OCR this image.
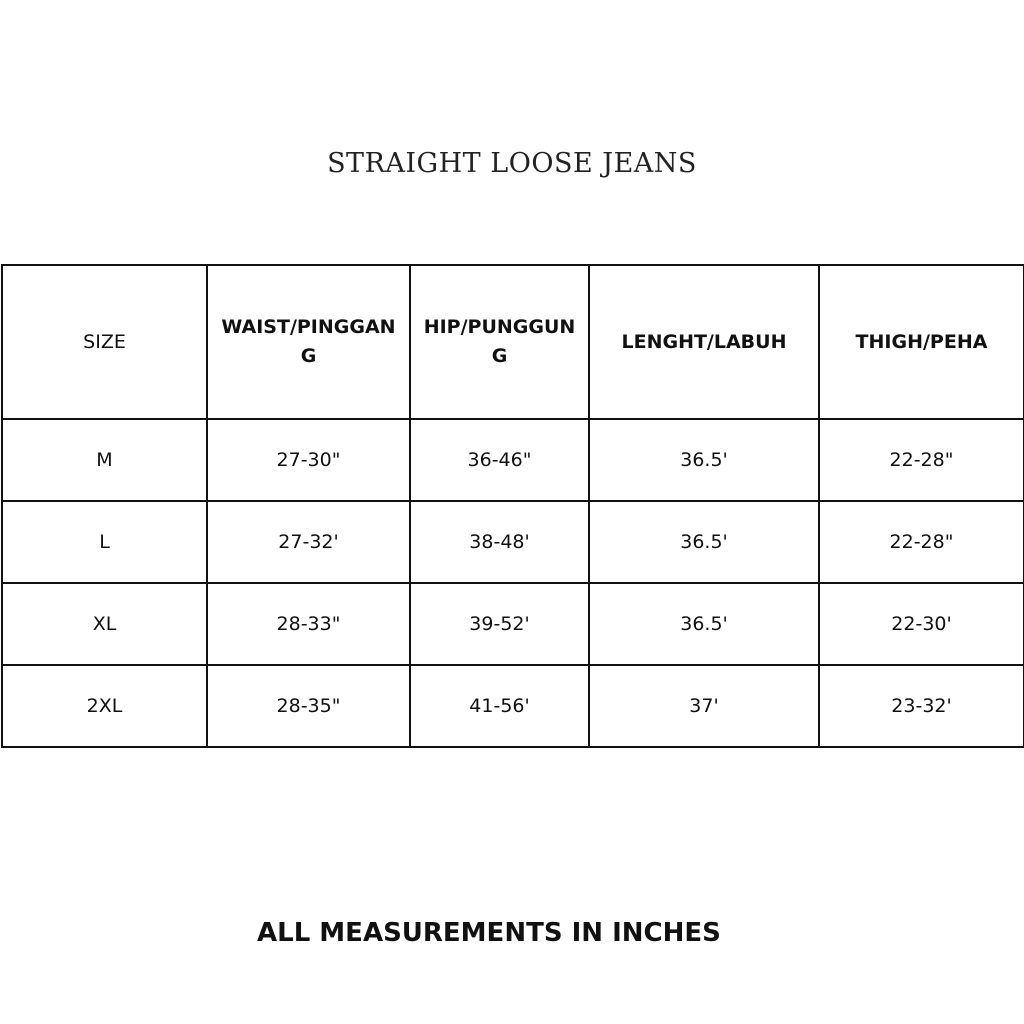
STRAIGHT LOOSE JEANS
SIZE	WAIST/PINGGANG	HIP/PUNGGUNG	LENGHT/LABUH	THIGH/PEHA
M	27-30"	36-46"	36.5'	22-28"
L	27-32'	38-48'	36.5'	22-28"
XL	28-33"	39-52'	36.5'	22-30'
2XL	28-35"	41-56'	37'	23-32'
ALL MEASUREMENTS IN INCHES
